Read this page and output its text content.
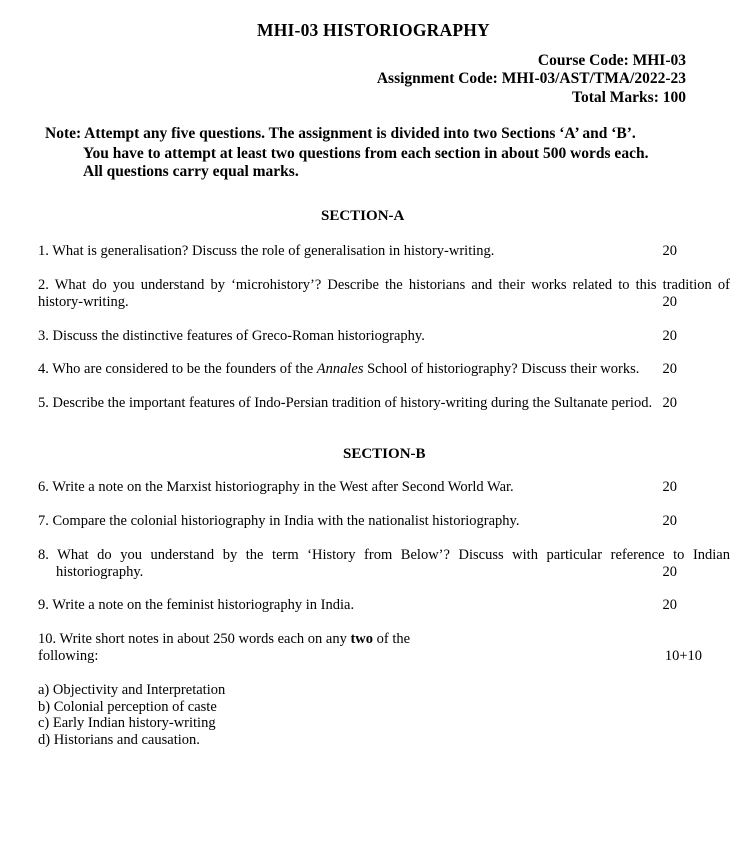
MHI-03 HISTORIOGRAPHY
Course Code: MHI-03
Assignment Code: MHI-03/AST/TMA/2022-23
Total Marks: 100
Note: Attempt any five questions. The assignment is divided into two Sections ‘A’ and ‘B’.
You have to attempt at least two questions from each section in about 500 words each.
All questions carry equal marks.
SECTION-A
1. What is generalisation? Discuss the role of generalisation in history-writing.	20
2. What do you understand by ‘microhistory’? Describe the historians and their works related to this tradition of
history-writing.	20
3. Discuss the distinctive features of Greco-Roman historiography.	20
4. Who are considered to be the founders of the Annales School of historiography? Discuss their works. 20
5. Describe the important features of Indo-Persian tradition of history-writing during the Sultanate period. 20
SECTION-B
6. Write a note on the Marxist historiography in the West after Second World War.	20
7. Compare the colonial historiography in India with the nationalist historiography.	20
8. What do you understand by the term ‘History from Below’? Discuss with particular reference to Indian
historiography.	20
9. Write a note on the feminist historiography in India.	20
10. Write short notes in about 250 words each on any two of the
following:	10+10
a) Objectivity and Interpretation
b) Colonial perception of caste
c) Early Indian history-writing
d) Historians and causation.
